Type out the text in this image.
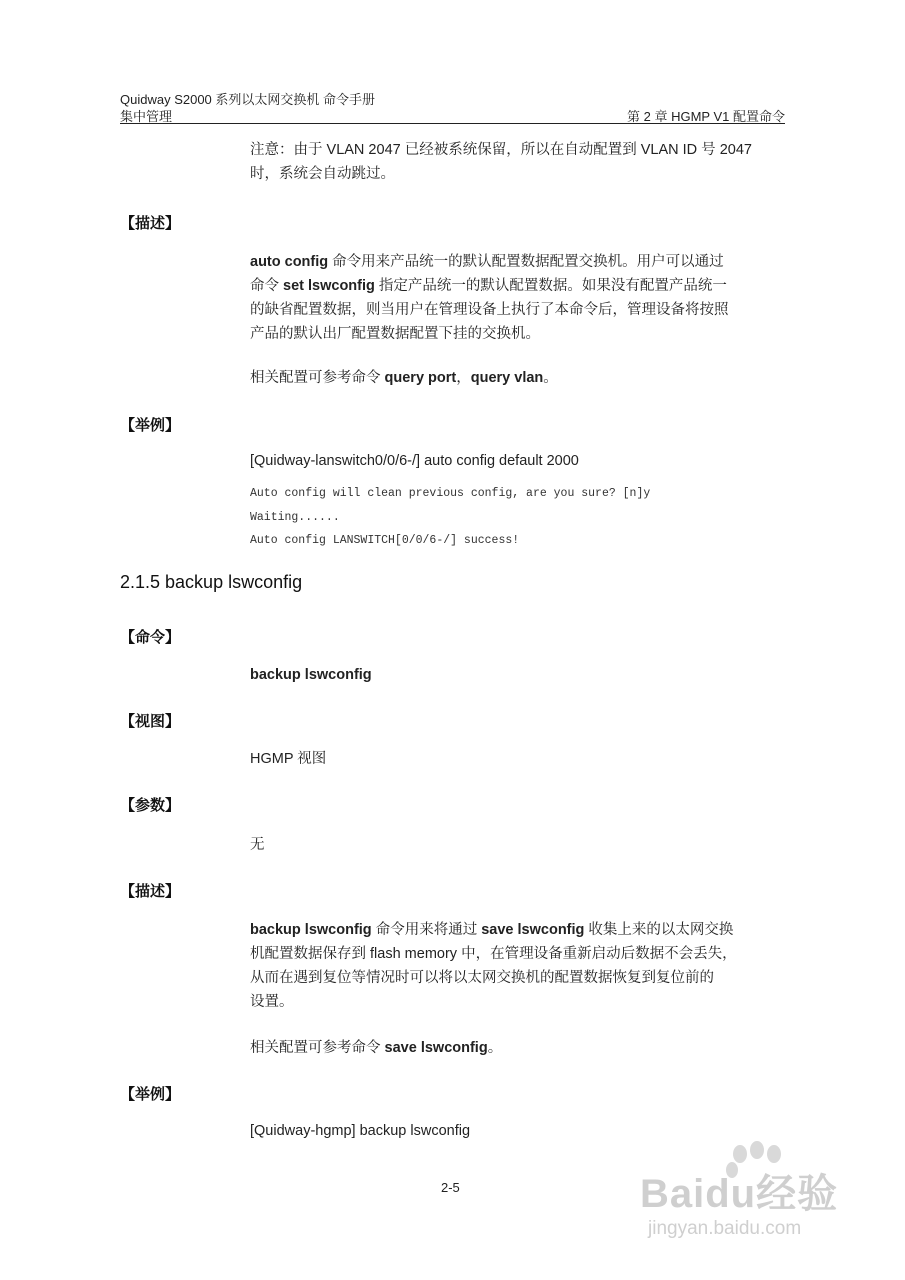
Quidway S2000 系列以太网交换机 命令手册
集中管理	第 2 章 HGMP V1 配置命令
注意：由于 VLAN 2047 已经被系统保留，所以在自动配置到 VLAN ID 号 2047
时，系统会自动跳过。
【描述】
auto config 命令用来产品统一的默认配置数据配置交换机。用户可以通过
命令 set lswconfig 指定产品统一的默认配置数据。如果没有配置产品统一
的缺省配置数据，则当用户在管理设备上执行了本命令后，管理设备将按照
产品的默认出厂配置数据配置下挂的交换机。
相关配置可参考命令 query port，query vlan。
【举例】
[Quidway-lanswitch0/0/6-/] auto config default 2000
Auto config will clean previous config, are you sure? [n]y
Waiting......
Auto config LANSWITCH[0/0/6-/] success!
2.1.5 backup lswconfig
【命令】
backup lswconfig
【视图】
HGMP 视图
【参数】
无
【描述】
backup lswconfig 命令用来将通过 save lswconfig 收集上来的以太网交换
机配置数据保存到 flash memory 中，在管理设备重新启动后数据不会丢失，
从而在遇到复位等情况时可以将以太网交换机的配置数据恢复到复位前的
设置。
相关配置可参考命令 save lswconfig。
【举例】
[Quidway-hgmp] backup lswconfig
2-5	Baidu经验
jingyan.baidu.com
